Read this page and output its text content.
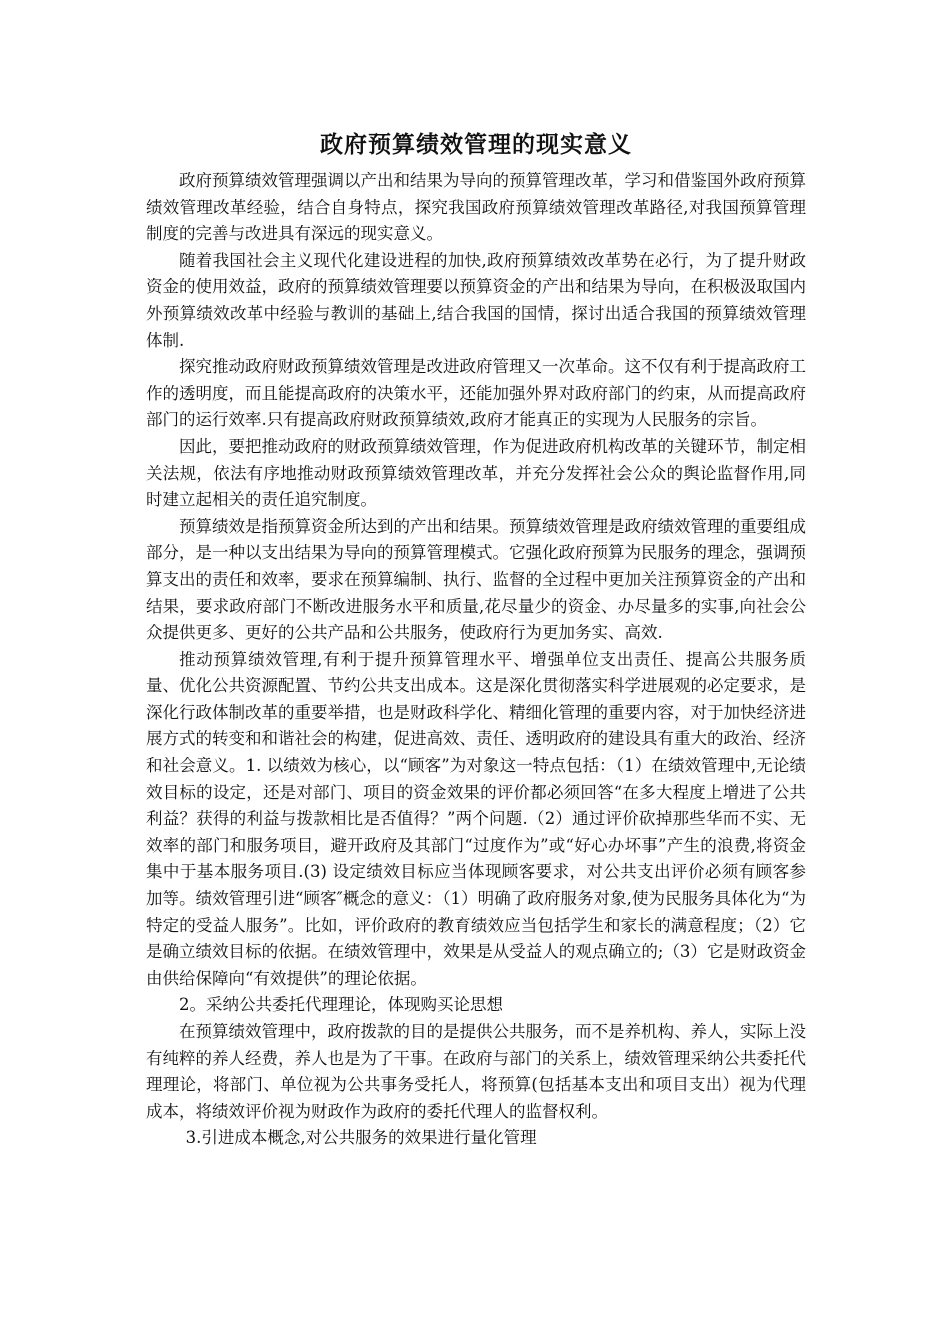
政府预算绩效管理的现实意义

政府预算绩效管理强调以产出和结果为导向的预算管理改革，学习和借鉴国外政府预算绩效管理改革经验，结合自身特点，探究我国政府预算绩效管理改革路径,对我国预算管理制度的完善与改进具有深远的现实意义。

随着我国社会主义现代化建设进程的加快,政府预算绩效改革势在必行，为了提升财政资金的使用效益，政府的预算绩效管理要以预算资金的产出和结果为导向，在积极汲取国内外预算绩效改革中经验与教训的基础上,结合我国的国情，探讨出适合我国的预算绩效管理体制.

探究推动政府财政预算绩效管理是改进政府管理又一次革命。这不仅有利于提高政府工作的透明度，而且能提高政府的决策水平，还能加强外界对政府部门的约束，从而提高政府部门的运行效率.只有提高政府财政预算绩效,政府才能真正的实现为人民服务的宗旨。

因此，要把推动政府的财政预算绩效管理，作为促进政府机构改革的关键环节，制定相关法规，依法有序地推动财政预算绩效管理改革，并充分发挥社会公众的舆论监督作用,同时建立起相关的责任追究制度。

预算绩效是指预算资金所达到的产出和结果。预算绩效管理是政府绩效管理的重要组成部分，是一种以支出结果为导向的预算管理模式。它强化政府预算为民服务的理念，强调预算支出的责任和效率，要求在预算编制、执行、监督的全过程中更加关注预算资金的产出和结果，要求政府部门不断改进服务水平和质量,花尽量少的资金、办尽量多的实事,向社会公众提供更多、更好的公共产品和公共服务，使政府行为更加务实、高效.

推动预算绩效管理,有利于提升预算管理水平、增强单位支出责任、提高公共服务质量、优化公共资源配置、节约公共支出成本。这是深化贯彻落实科学进展观的必定要求，是深化行政体制改革的重要举措，也是财政科学化、精细化管理的重要内容，对于加快经济进展方式的转变和和谐社会的构建，促进高效、责任、透明政府的建设具有重大的政治、经济和社会意义。1. 以绩效为核心，以“顾客”为对象这一特点包括：（1）在绩效管理中,无论绩效目标的设定，还是对部门、项目的资金效果的评价都必须回答“在多大程度上增进了公共利益？获得的利益与拨款相比是否值得？”两个问题.（2）通过评价砍掉那些华而不实、无效率的部门和服务项目，避开政府及其部门“过度作为”或“好心办坏事”产生的浪费,将资金集中于基本服务项目.(3) 设定绩效目标应当体现顾客要求，对公共支出评价必须有顾客参加等。绩效管理引进“顾客″概念的意义：（1）明确了政府服务对象,使为民服务具体化为“为特定的受益人服务”。比如，评价政府的教育绩效应当包括学生和家长的满意程度；（2）它是确立绩效目标的依据。在绩效管理中，效果是从受益人的观点确立的;（3）它是财政资金由供给保障向“有效提供”的理论依据。

2。采纳公共委托代理理论，体现购买论思想

在预算绩效管理中，政府拨款的目的是提供公共服务，而不是养机构、养人，实际上没有纯粹的养人经费，养人也是为了干事。在政府与部门的关系上，绩效管理采纳公共委托代理理论，将部门、单位视为公共事务受托人，将预算(包括基本支出和项目支出）视为代理成本，将绩效评价视为财政作为政府的委托代理人的监督权利。

3.引进成本概念,对公共服务的效果进行量化管理
